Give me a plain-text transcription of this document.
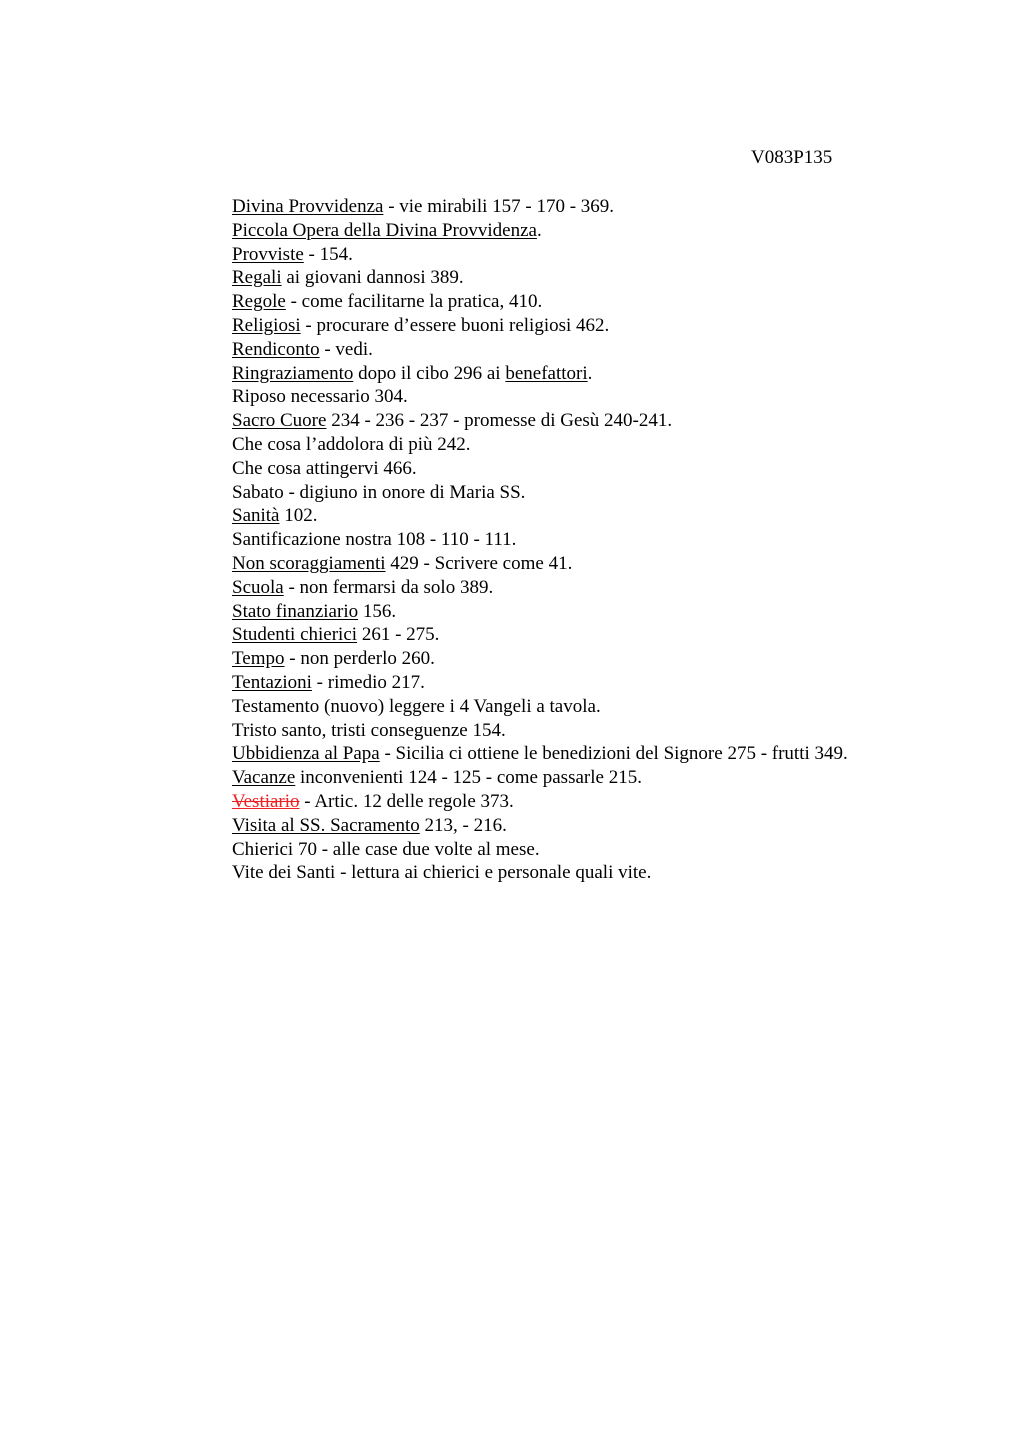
V083P135
Divina Provvidenza - vie mirabili 157 - 170 - 369.
Piccola Opera della Divina Provvidenza.
Provviste - 154.
Regali ai giovani dannosi 389.
Regole - come facilitarne la pratica, 410.
Religiosi - procurare d’essere buoni religiosi 462.
Rendiconto - vedi.
Ringraziamento dopo il cibo 296 ai benefattori.
Riposo necessario 304.
Sacro Cuore 234 - 236 - 237 - promesse di Gesù 240-241.
Che cosa l’addolora di più 242.
Che cosa attingervi 466.
Sabato - digiuno in onore di Maria SS.
Sanità 102.
Santificazione nostra 108 - 110 - 111.
Non scoraggiamenti 429 - Scrivere come 41.
Scuola - non fermarsi da solo 389.
Stato finanziario 156.
Studenti chierici 261 - 275.
Tempo - non perderlo 260.
Tentazioni - rimedio 217.
Testamento (nuovo) leggere i 4 Vangeli a tavola.
Tristo santo, tristi conseguenze 154.
Ubbidienza al Papa - Sicilia ci ottiene le benedizioni del Signore 275 - frutti 349.
Vacanze inconvenienti 124 - 125 - come passarle 215.
Vestiario - Artic. 12 delle regole 373.
Visita al SS. Sacramento 213, - 216.
Chierici 70 - alle case due volte al mese.
Vite dei Santi - lettura ai chierici e personale quali vite.
